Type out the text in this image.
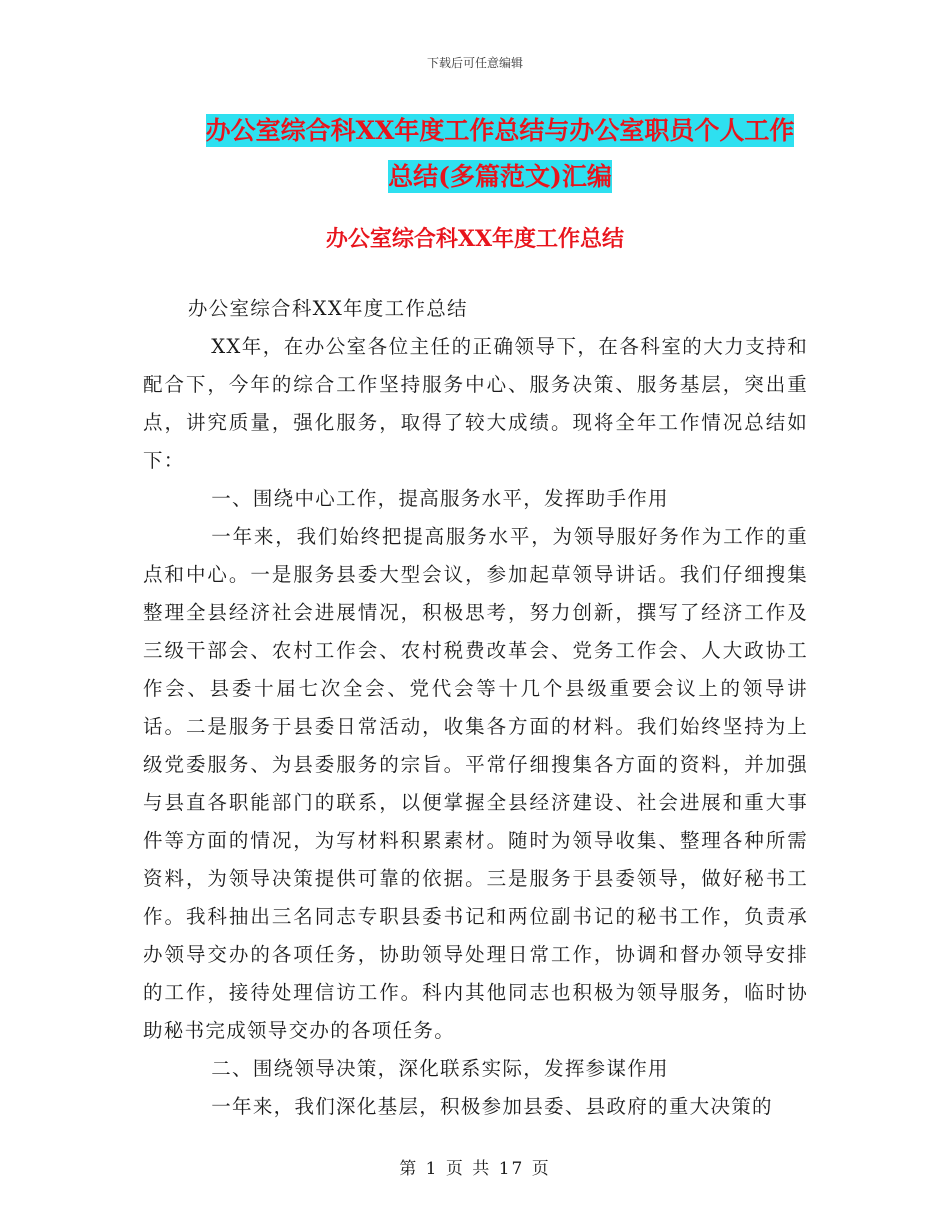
下载后可任意编辑
办公室综合科XX年度工作总结与办公室职员个人工作
总结(多篇范文)汇编
办公室综合科XX年度工作总结

办公室综合科XX年度工作总结

XX年，在办公室各位主任的正确领导下，在各科室的大力支持和配合下，今年的综合工作坚持服务中心、服务决策、服务基层，突出重点，讲究质量，强化服务，取得了较大成绩。现将全年工作情况总结如下：

一、围绕中心工作，提高服务水平，发挥助手作用

一年来，我们始终把提高服务水平，为领导服好务作为工作的重点和中心。一是服务县委大型会议，参加起草领导讲话。我们仔细搜集整理全县经济社会进展情况，积极思考，努力创新，撰写了经济工作及三级干部会、农村工作会、农村税费改革会、党务工作会、人大政协工作会、县委十届七次全会、党代会等十几个县级重要会议上的领导讲话。二是服务于县委日常活动，收集各方面的材料。我们始终坚持为上级党委服务、为县委服务的宗旨。平常仔细搜集各方面的资料，并加强与县直各职能部门的联系，以便掌握全县经济建设、社会进展和重大事件等方面的情况，为写材料积累素材。随时为领导收集、整理各种所需资料，为领导决策提供可靠的依据。三是服务于县委领导，做好秘书工作。我科抽出三名同志专职县委书记和两位副书记的秘书工作，负责承办领导交办的各项任务，协助领导处理日常工作，协调和督办领导安排的工作，接待处理信访工作。科内其他同志也积极为领导服务，临时协助秘书完成领导交办的各项任务。

二、围绕领导决策，深化联系实际，发挥参谋作用

一年来，我们深化基层，积极参加县委、县政府的重大决策的

第 1 页 共 17 页
